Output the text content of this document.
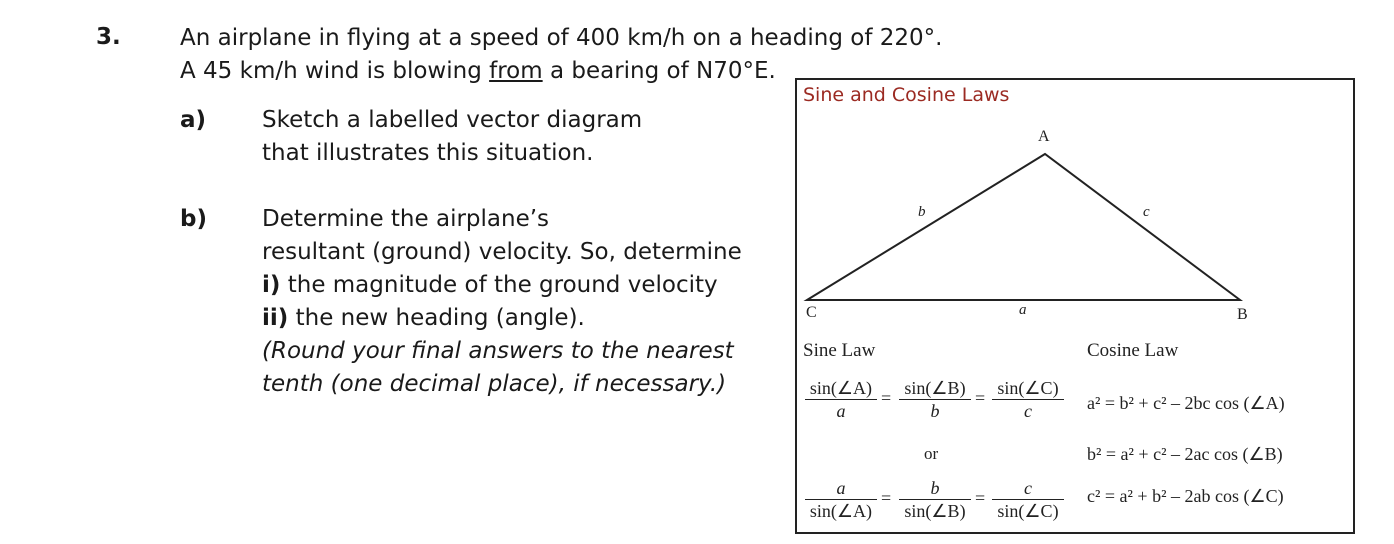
3.	An airplane in flying at a speed of 400 km/h on a heading of 220°.
A 45 km/h wind is blowing from a bearing of N70°E.
a) Sketch a labelled vector diagram
that illustrates this situation.
b) Determine the airplane’s
resultant (ground) velocity. So, determine
i) the magnitude of the ground velocity
ii) the new heading (angle).
(Round your final answers to the nearest
tenth (one decimal place), if necessary.)
Sine and Cosine Laws
A
B
C	a
b	c
Sine Law	Cosine Law
$\frac{\sin(\angle A)}{a} = \frac{\sin(\angle B)}{b} = \frac{\sin(\angle C)}{c}$
or
$\frac{a}{\sin(\angle A)} = \frac{b}{\sin(\angle B)} = \frac{c}{\sin(\angle C)}$
a² = b² + c² – 2bc cos (∠A)
b² = a² + c² – 2ac cos (∠B)
c² = a² + b² – 2ab cos (∠C)
